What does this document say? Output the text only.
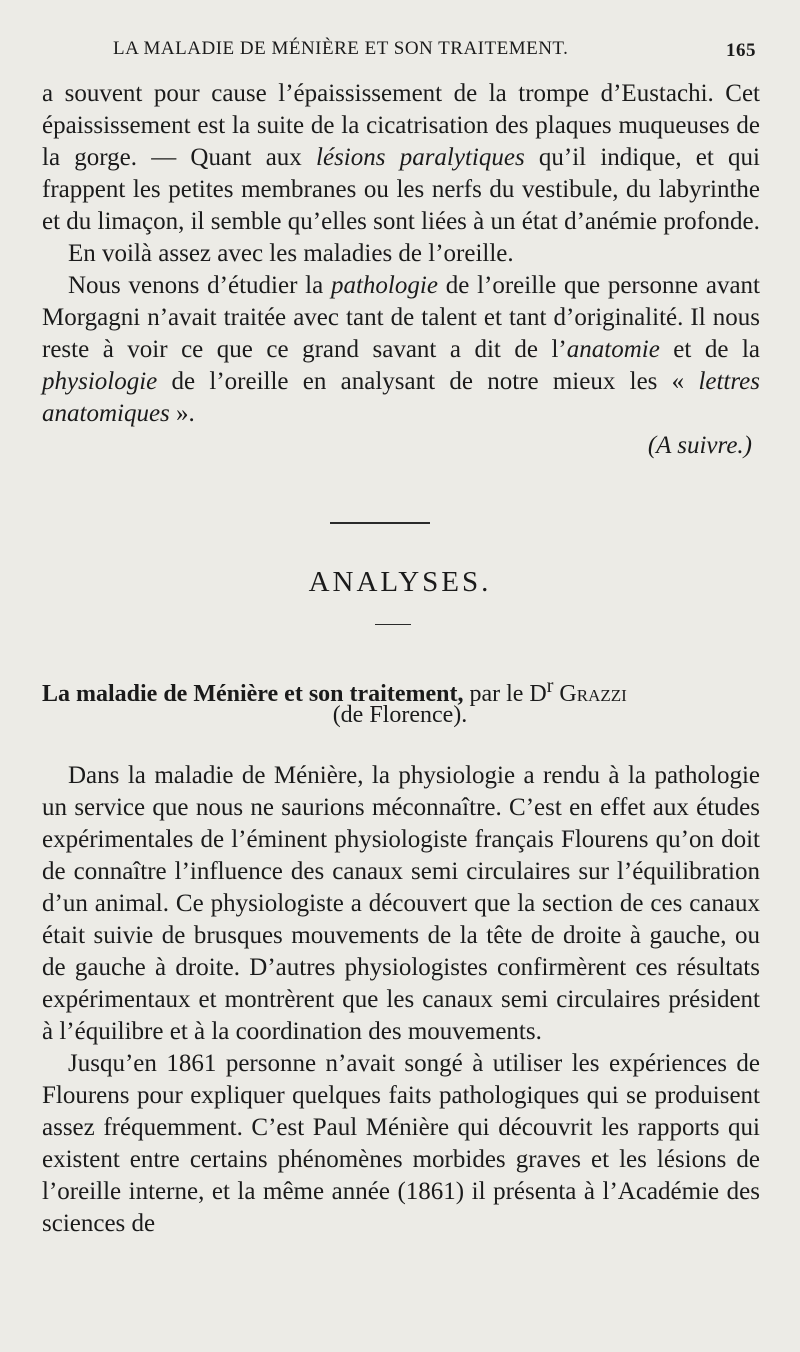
LA MALADIE DE MÉNIÈRE ET SON TRAITEMENT.	165

a souvent pour cause l’épaississement de la trompe d’Eustachi. Cet épaississement est la suite de la cicatrisation des plaques muqueuses de la gorge. — Quant aux lésions paralytiques qu’il indique, et qui frappent les petites membranes ou les nerfs du vestibule, du labyrinthe et du limaçon, il semble qu’elles sont liées à un état d’anémie profonde.

En voilà assez avec les maladies de l’oreille.

Nous venons d’étudier la pathologie de l’oreille que personne avant Morgagni n’avait traitée avec tant de talent et tant d’originalité. Il nous reste à voir ce que ce grand savant a dit de l’anatomie et de la physiologie de l’oreille en analysant de notre mieux les « lettres anatomiques ».

(A suivre.)

ANALYSES.
La maladie de Ménière et son traitement, par le $D^r$ Grazzi
(de Florence).

Dans la maladie de Ménière, la physiologie a rendu à la pathologie un service que nous ne saurions méconnaître. C’est en effet aux études expérimentales de l’éminent physiologiste français Flourens qu’on doit de connaître l’influence des canaux semi circulaires sur l’équilibration d’un animal. Ce physiologiste a découvert que la section de ces canaux était suivie de brusques mouvements de la tête de droite à gauche, ou de gauche à droite. D’autres physiologistes confirmèrent ces résultats expérimentaux et montrèrent que les canaux semi circulaires président à l’équilibre et à la coordination des mouvements.

Jusqu’en 1861 personne n’avait songé à utiliser les expériences de Flourens pour expliquer quelques faits pathologiques qui se produisent assez fréquemment. C’est Paul Ménière qui découvrit les rapports qui existent entre certains phénomènes morbides graves et les lésions de l’oreille interne, et la même année (1861) il présenta à l’Académie des sciences de
